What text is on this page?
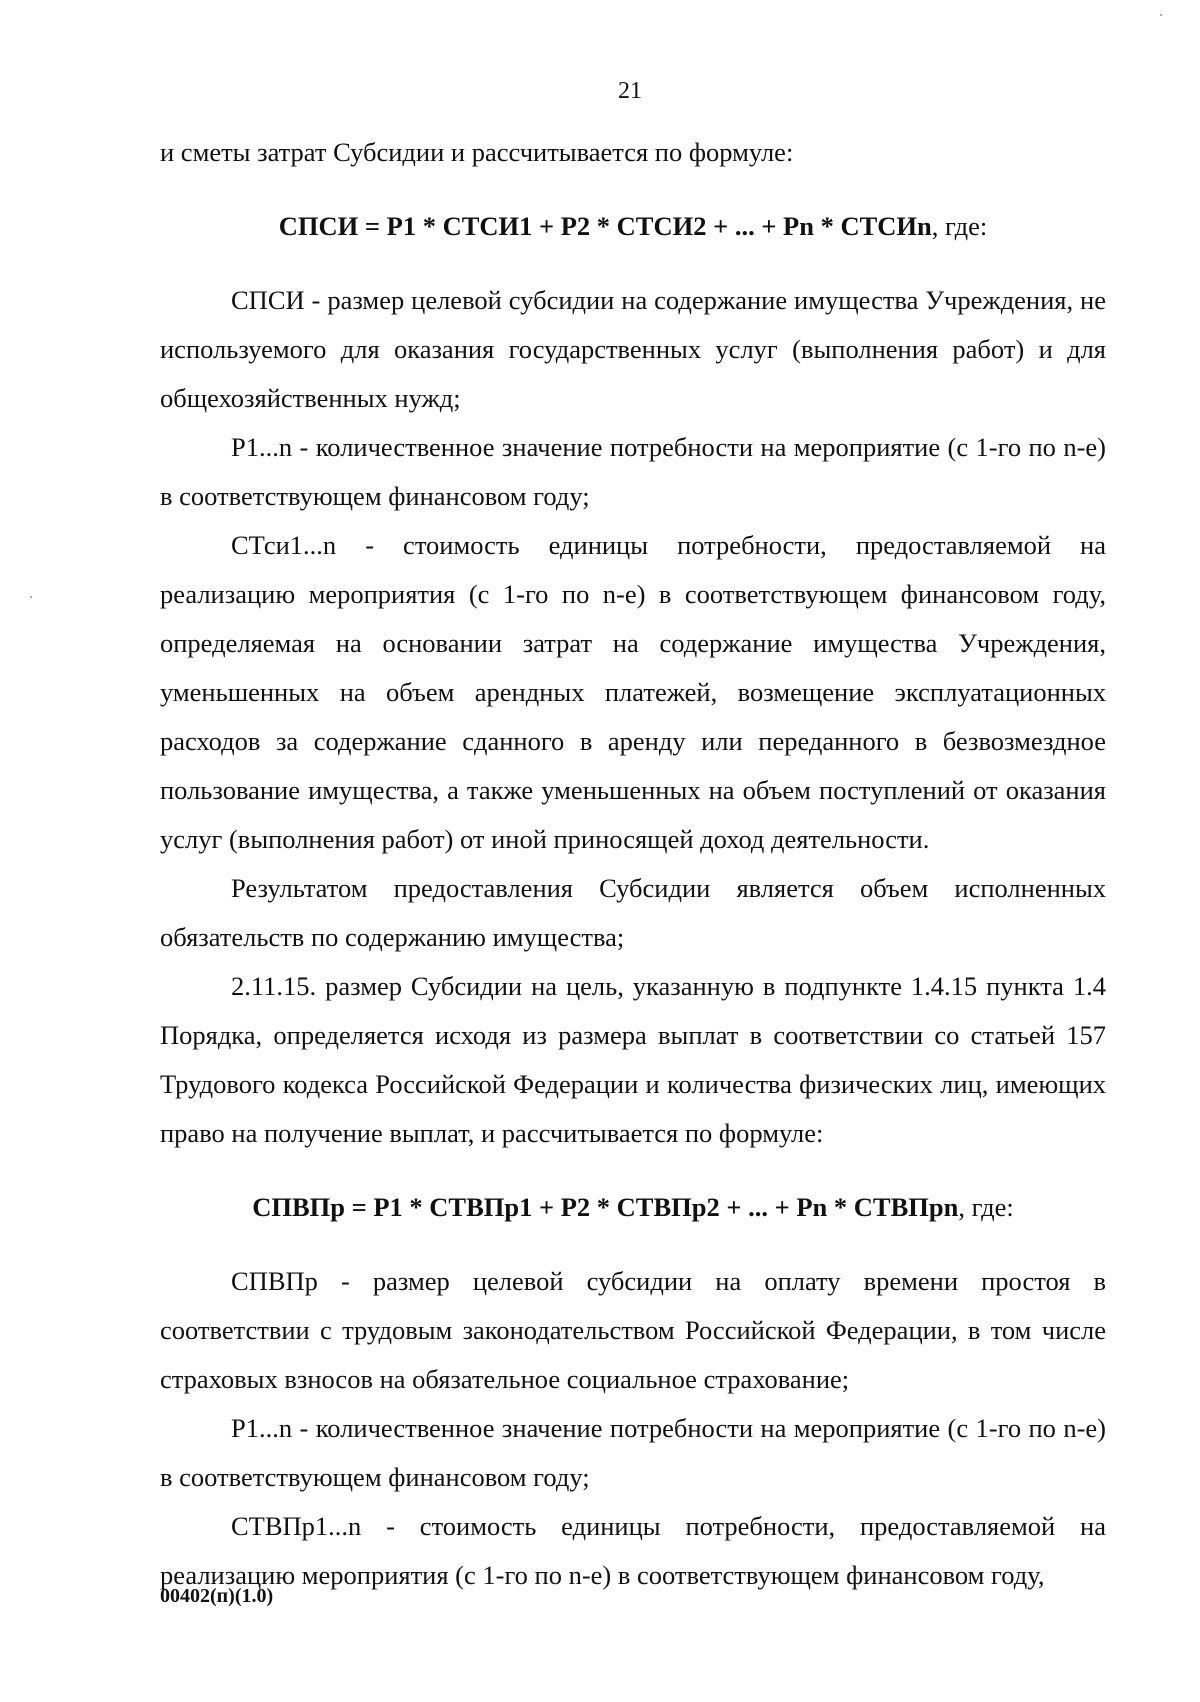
21

и сметы затрат Субсидии и рассчитывается по формуле:

СПСИ = Р1 * СТСИ1 + Р2 * СТСИ2 + ... + Рn * СТСИn, где:

СПСИ - размер целевой субсидии на содержание имущества Учреждения, не используемого для оказания государственных услуг (выполнения работ) и для общехозяйственных нужд;

Р1...n - количественное значение потребности на мероприятие (с 1-го по n-е) в соответствующем финансовом году;

СТси1...n - стоимость единицы потребности, предоставляемой на реализацию мероприятия (с 1-го по n-е) в соответствующем финансовом году, определяемая на основании затрат на содержание имущества Учреждения, уменьшенных на объем арендных платежей, возмещение эксплуатационных расходов за содержание сданного в аренду или переданного в безвозмездное пользование имущества, а также уменьшенных на объем поступлений от оказания услуг (выполнения работ) от иной приносящей доход деятельности.

Результатом предоставления Субсидии является объем исполненных обязательств по содержанию имущества;

2.11.15. размер Субсидии на цель, указанную в подпункте 1.4.15 пункта 1.4 Порядка, определяется исходя из размера выплат в соответствии со статьей 157 Трудового кодекса Российской Федерации и количества физических лиц, имеющих право на получение выплат, и рассчитывается по формуле:

СПВПр = Р1 * СТВПр1 + Р2 * СТВПр2 + ... + Рn * СТВПрn, где:

СПВПр - размер целевой субсидии на оплату времени простоя в соответствии с трудовым законодательством Российской Федерации, в том числе страховых взносов на обязательное социальное страхование;

Р1...n - количественное значение потребности на мероприятие (с 1-го по n-е) в соответствующем финансовом году;

СТВПр1...n - стоимость единицы потребности, предоставляемой на реализацию мероприятия (с 1-го по n-е) в соответствующем финансовом году,

00402(п)(1.0)
